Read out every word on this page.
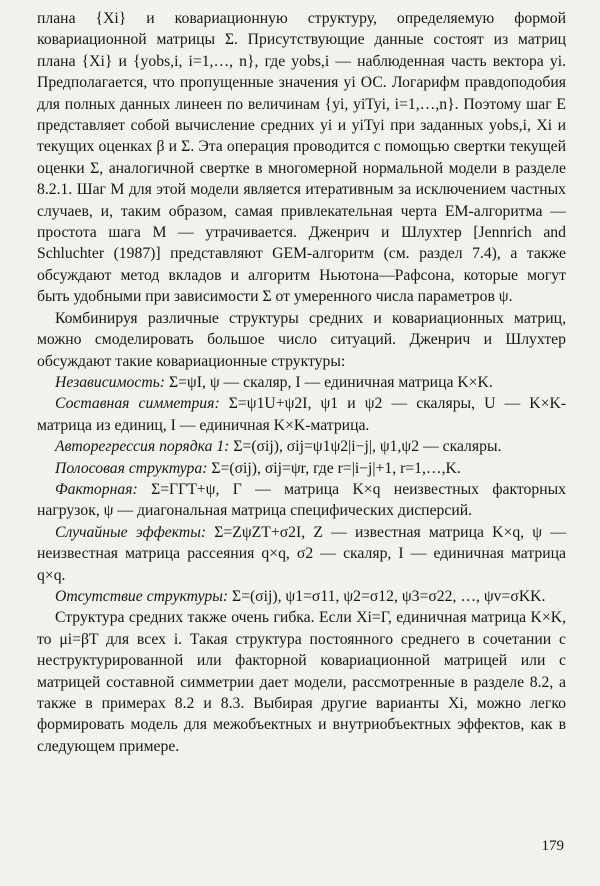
плана {Xi} и ковариационную структуру, определяемую формой ковариационной матрицы Σ. Присутствующие данные состоят из матриц плана {Xi} и {yobs,i, i=1,…, n}, где yobs,i — наблюденная часть вектора yi. Предполагается, что пропущенные значения yi ОС. Логарифм правдоподобия для полных данных линеен по величинам {yi, yiTyi, i=1,…,n}. Поэтому шаг Е представляет собой вычисление средних yi и yiTyi при заданных yobs,i, Xi и текущих оценках β и Σ. Эта операция проводится с помощью свертки текущей оценки Σ, аналогичной свертке в многомерной нормальной модели в разделе 8.2.1. Шаг М для этой модели является итеративным за исключением частных случаев, и, таким образом, самая привлекательная черта ЕМ-алгоритма — простота шага М — утрачивается. Дженрич и Шлухтер [Jennrich and Schluchter (1987)] представляют GEM-алгоритм (см. раздел 7.4), а также обсуждают метод вкладов и алгоритм Ньютона—Рафсона, которые могут быть удобными при зависимости Σ от умеренного числа параметров ψ.

Комбинируя различные структуры средних и ковариационных матриц, можно смоделировать большое число ситуаций. Дженрич и Шлухтер обсуждают такие ковариационные структуры:

Независимость: Σ=ψI, ψ — скаляр, I — единичная матрица K×K.

Составная симметрия: Σ=ψ1U+ψ2I, ψ1 и ψ2 — скаляры, U — K×K-матрица из единиц, I — единичная K×K-матрица.

Авторегрессия порядка 1: Σ=(σij), σij=ψ1ψ2|i−j|, ψ1,ψ2 — скаляры.

Полосовая структура: Σ=(σij), σij=ψr, где r=|i−j|+1, r=1,…,K.

Факторная: Σ=ΓΓT+ψ, Γ — матрица K×q неизвестных факторных нагрузок, ψ — диагональная матрица специфических дисперсий.

Случайные эффекты: Σ=ZψZT+σ2I, Z — известная матрица K×q, ψ — неизвестная матрица рассеяния q×q, σ2 — скаляр, I — единичная матрица q×q.

Отсутствие структуры: Σ=(σij), ψ1=σ11, ψ2=σ12, ψ3=σ22, …, ψv=σKK.

Структура средних также очень гибка. Если Xi=Γ, единичная матрица K×K, то μi=βT для всех i. Такая структура постоянного среднего в сочетании с неструктурированной или факторной ковариационной матрицей или с матрицей составной симметрии дает модели, рассмотренные в разделе 8.2, а также в примерах 8.2 и 8.3. Выбирая другие варианты Xi, можно легко формировать модель для межобъектных и внутриобъектных эффектов, как в следующем примере.

179
